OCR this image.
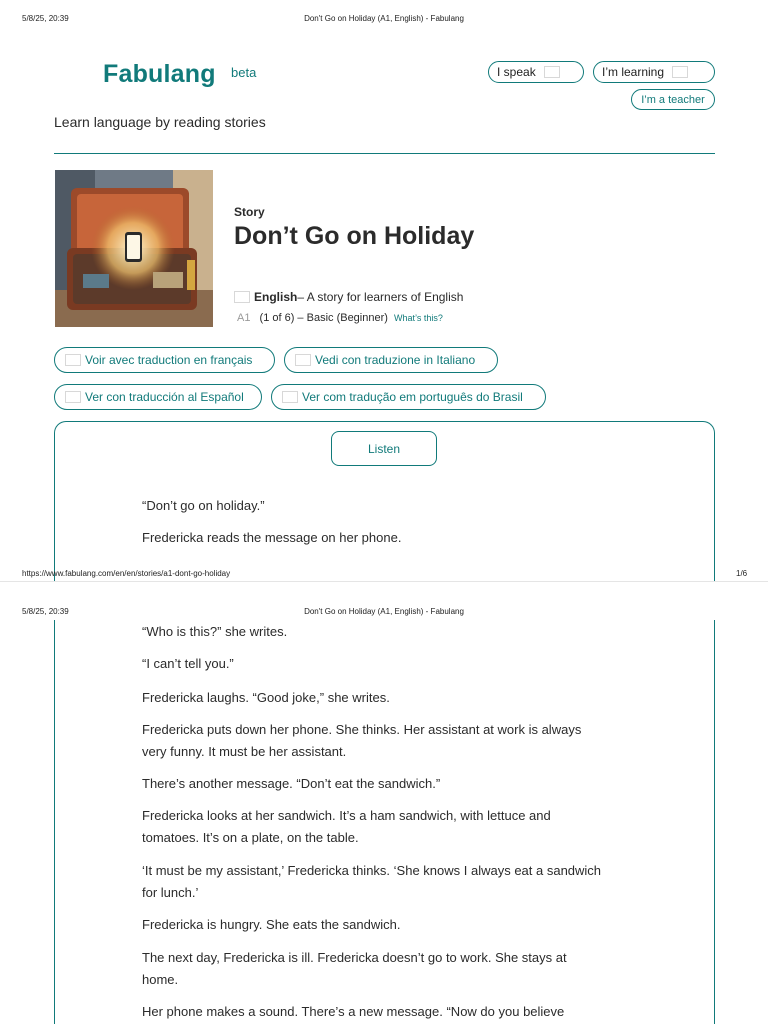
5/8/25, 20:39	Don't Go on Holiday (A1, English) - Fabulang
Fabulang beta
Learn language by reading stories
I speak	I’m learning
I’m a teacher
Story
Don’t Go on Holiday
English – A story for learners of English
A1 (1 of 6) – Basic (Beginner) What’s this?
Voir avec traduction en français	Vedi con traduzione in Italiano
Ver con traducción al Español	Ver com tradução em português do Brasil
Listen
“Don’t go on holiday.”
Fredericka reads the message on her phone.
https://www.fabulang.com/en/en/stories/a1-dont-go-holiday	1/6
5/8/25, 20:39	Don't Go on Holiday (A1, English) - Fabulang
“Who is this?” she writes.
“I can’t tell you.”
Fredericka laughs. “Good joke,” she writes.
Fredericka puts down her phone. She thinks. Her assistant at work is always very funny. It must be her assistant.
There’s another message. “Don’t eat the sandwich.”
Fredericka looks at her sandwich. It’s a ham sandwich, with lettuce and tomatoes. It’s on a plate, on the table.
‘It must be my assistant,’ Fredericka thinks. ‘She knows I always eat a sandwich for lunch.’
Fredericka is hungry. She eats the sandwich.
The next day, Fredericka is ill. Fredericka doesn’t go to work. She stays at home.
Her phone makes a sound. There’s a new message. “Now do you believe
